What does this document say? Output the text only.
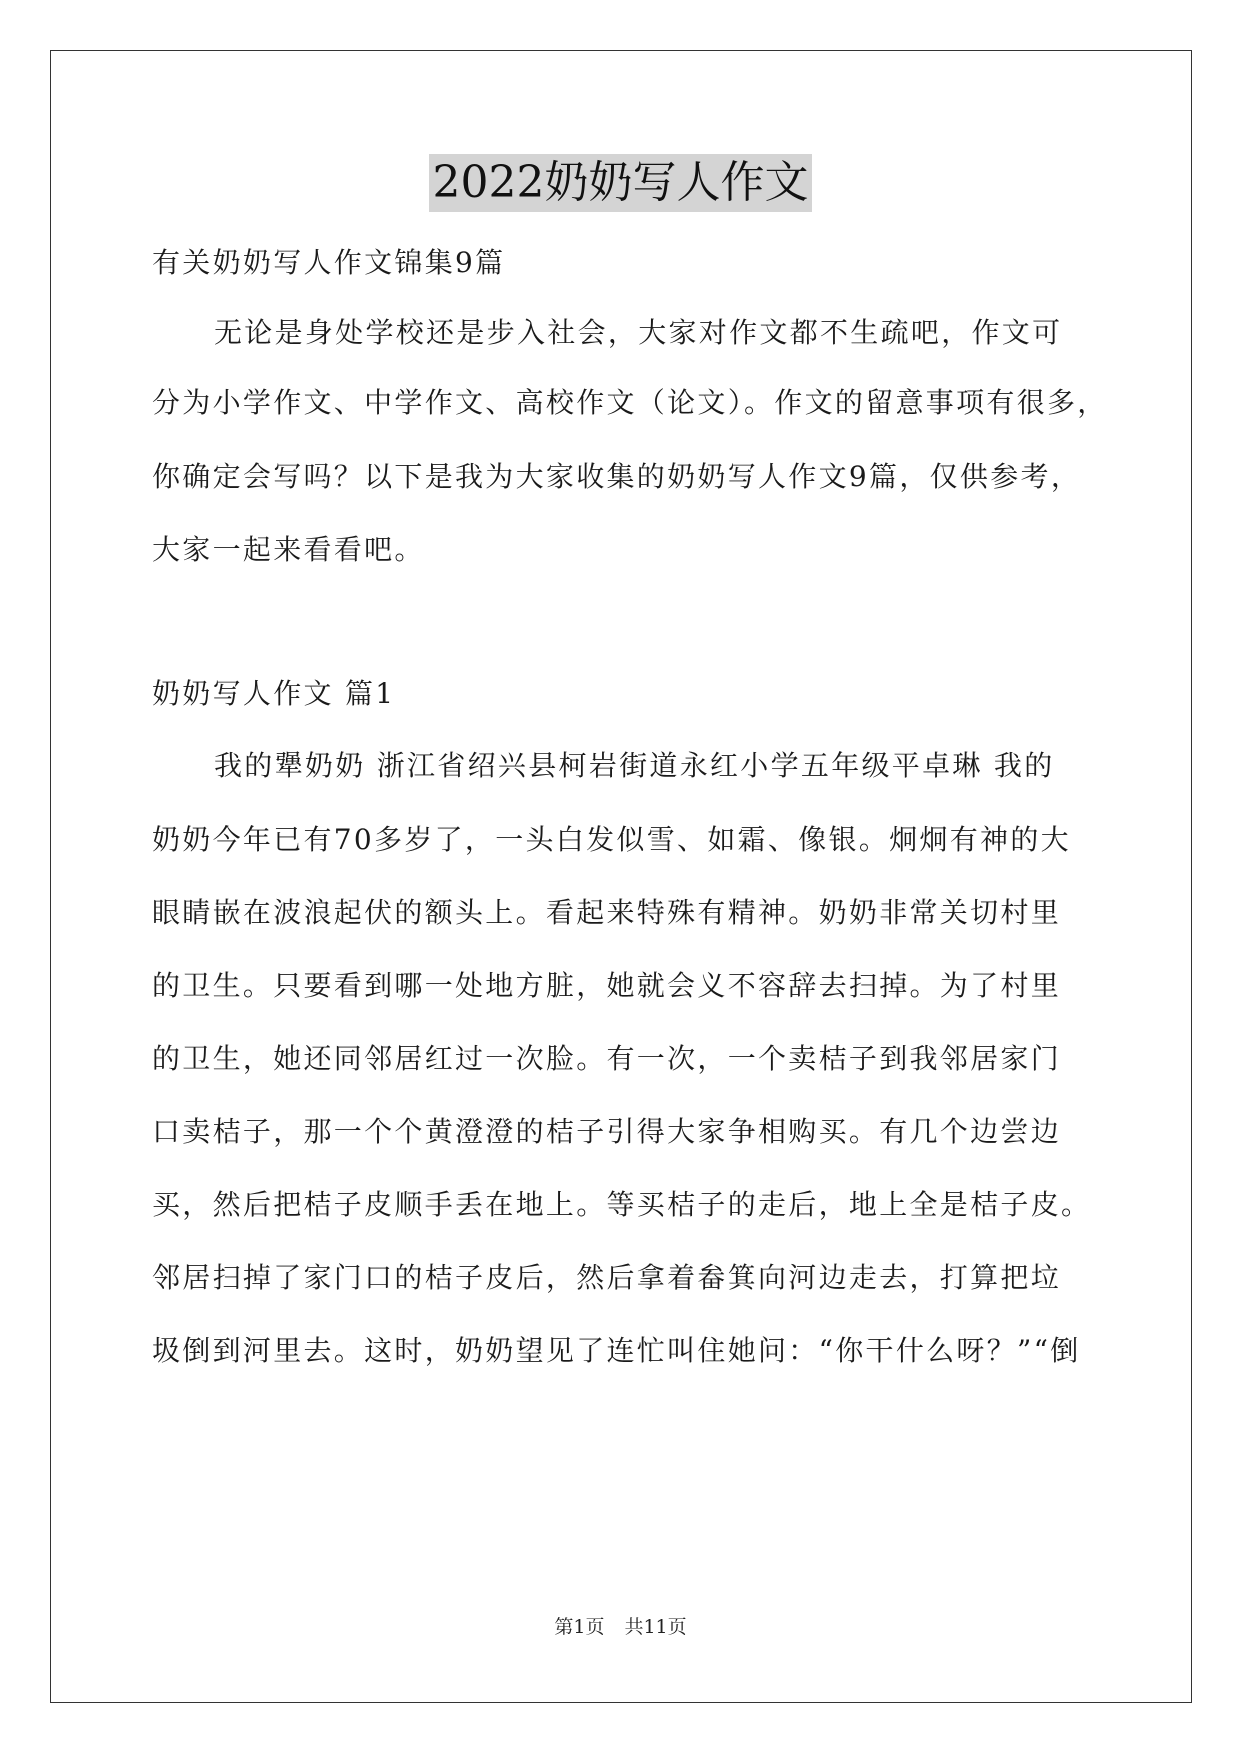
2022奶奶写人作文
有关奶奶写人作文锦集9篇
无论是身处学校还是步入社会，大家对作文都不生疏吧，作文可
分为小学作文、中学作文、高校作文（论文）。作文的留意事项有很多，
你确定会写吗？以下是我为大家收集的奶奶写人作文9篇，仅供参考，
大家一起来看看吧。
奶奶写人作文 篇1
我的犟奶奶 浙江省绍兴县柯岩街道永红小学五年级平卓琳 我的
奶奶今年已有70多岁了，一头白发似雪、如霜、像银。炯炯有神的大
眼睛嵌在波浪起伏的额头上。看起来特殊有精神。奶奶非常关切村里
的卫生。只要看到哪一处地方脏，她就会义不容辞去扫掉。为了村里
的卫生，她还同邻居红过一次脸。有一次，一个卖桔子到我邻居家门
口卖桔子，那一个个黄澄澄的桔子引得大家争相购买。有几个边尝边
买，然后把桔子皮顺手丢在地上。等买桔子的走后，地上全是桔子皮。
邻居扫掉了家门口的桔子皮后，然后拿着畚箕向河边走去，打算把垃
圾倒到河里去。这时，奶奶望见了连忙叫住她问：“你干什么呀？”“倒
第1页 共11页
